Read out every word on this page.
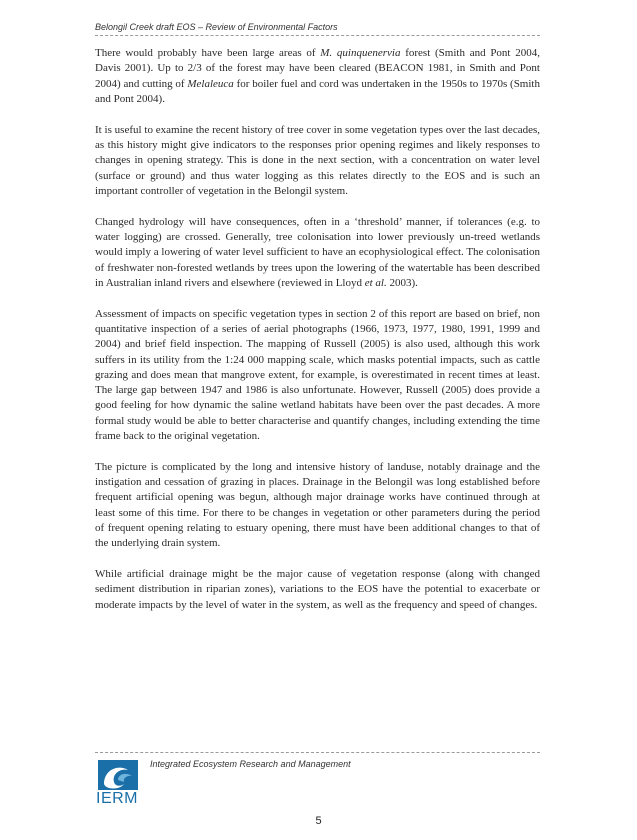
Belongil Creek draft EOS – Review of Environmental Factors

There would probably have been large areas of M. quinquenervia forest (Smith and Pont 2004, Davis 2001). Up to 2/3 of the forest may have been cleared (BEACON 1981, in Smith and Pont 2004) and cutting of Melaleuca for boiler fuel and cord was undertaken in the 1950s to 1970s (Smith and Pont 2004).

It is useful to examine the recent history of tree cover in some vegetation types over the last decades, as this history might give indicators to the responses prior opening regimes and likely responses to changes in opening strategy. This is done in the next section, with a concentration on water level (surface or ground) and thus water logging as this relates directly to the EOS and is such an important controller of vegetation in the Belongil system.

Changed hydrology will have consequences, often in a ‘threshold’ manner, if tolerances (e.g. to water logging) are crossed. Generally, tree colonisation into lower previously un-treed wetlands would imply a lowering of water level sufficient to have an ecophysiological effect. The colonisation of freshwater non-forested wetlands by trees upon the lowering of the watertable has been described in Australian inland rivers and elsewhere (reviewed in Lloyd et al. 2003).

Assessment of impacts on specific vegetation types in section 2 of this report are based on brief, non quantitative inspection of a series of aerial photographs (1966, 1973, 1977, 1980, 1991, 1999 and 2004) and brief field inspection. The mapping of Russell (2005) is also used, although this work suffers in its utility from the 1:24 000 mapping scale, which masks potential impacts, such as cattle grazing and does mean that mangrove extent, for example, is overestimated in recent times at least. The large gap between 1947 and 1986 is also unfortunate. However, Russell (2005) does provide a good feeling for how dynamic the saline wetland habitats have been over the past decades. A more formal study would be able to better characterise and quantify changes, including extending the time frame back to the original vegetation.

The picture is complicated by the long and intensive history of landuse, notably drainage and the instigation and cessation of grazing in places. Drainage in the Belongil was long established before frequent artificial opening was begun, although major drainage works have continued through at least some of this time. For there to be changes in vegetation or other parameters during the period of frequent opening relating to estuary opening, there must have been additional changes to that of the underlying drain system.

While artificial drainage might be the major cause of vegetation response (along with changed sediment distribution in riparian zones), variations to the EOS have the potential to exacerbate or moderate impacts by the level of water in the system, as well as the frequency and speed of changes.

IERM
Integrated Ecosystem Research and Management
5
